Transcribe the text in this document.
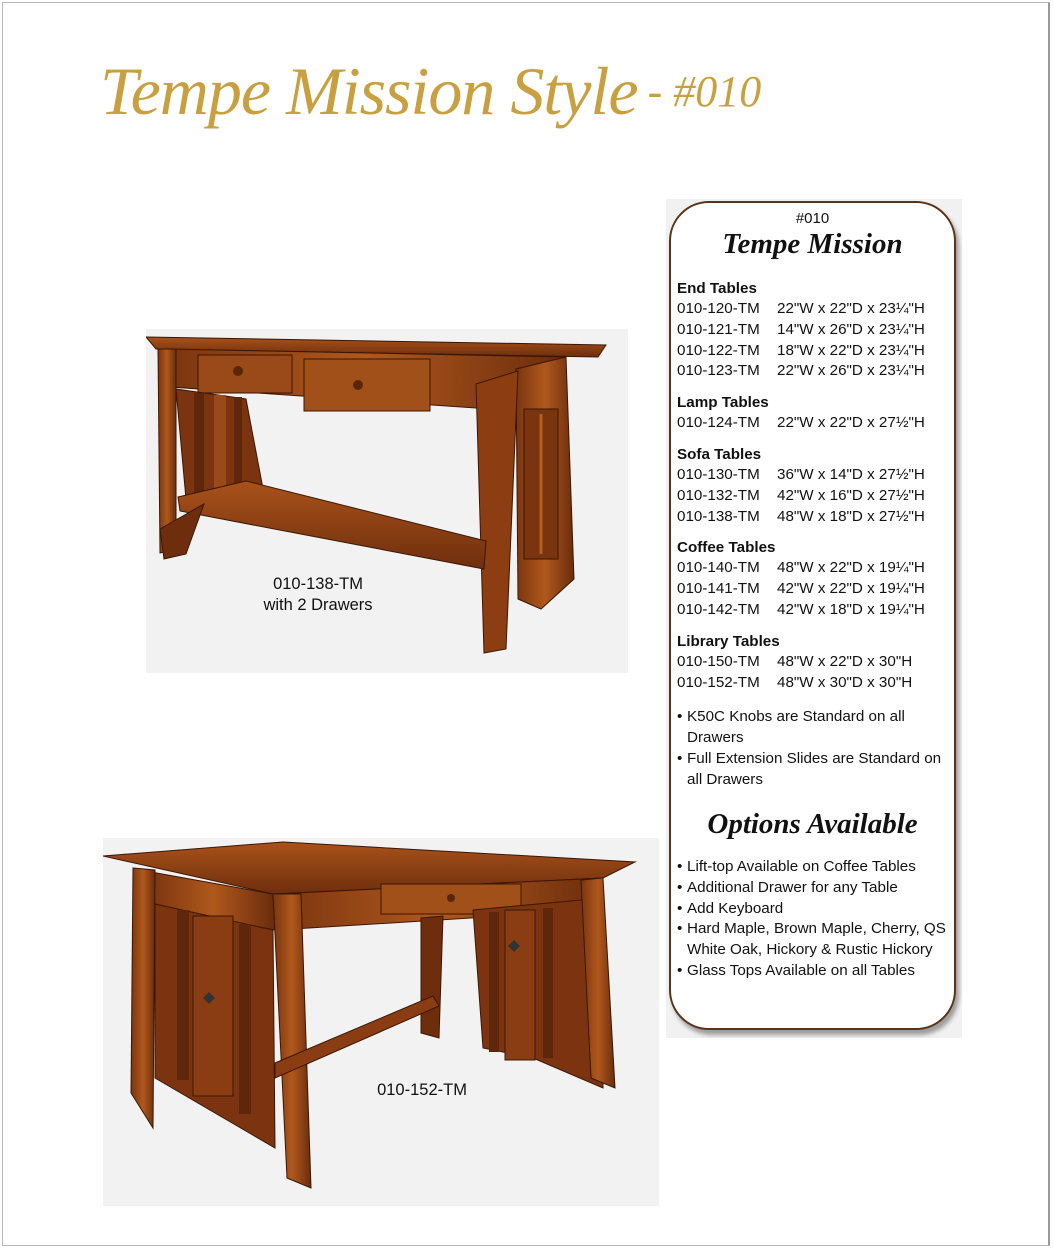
Tempe Mission Style - #010
010-138-TM
with 2 Drawers
010-152-TM
#010
Tempe Mission
End Tables
010-120-TM 22"W x 22"D x 23¼"H
010-121-TM 14"W x 26"D x 23¼"H
010-122-TM 18"W x 22"D x 23¼"H
010-123-TM 22"W x 26"D x 23¼"H
Lamp Tables
010-124-TM 22"W x 22"D x 27½"H
Sofa Tables
010-130-TM 36"W x 14"D x 27½"H
010-132-TM 42"W x 16"D x 27½"H
010-138-TM 48"W x 18"D x 27½"H
Coffee Tables
010-140-TM 48"W x 22"D x 19¼"H
010-141-TM 42"W x 22"D x 19¼"H
010-142-TM 42"W x 18"D x 19¼"H
Library Tables
010-150-TM 48"W x 22"D x 30"H
010-152-TM 48"W x 30"D x 30"H
• K50C Knobs are Standard on all Drawers
• Full Extension Slides are Standard on all Drawers
Options Available
• Lift-top Available on Coffee Tables
• Additional Drawer for any Table
• Add Keyboard
• Hard Maple, Brown Maple, Cherry, QS White Oak, Hickory & Rustic Hickory
• Glass Tops Available on all Tables
